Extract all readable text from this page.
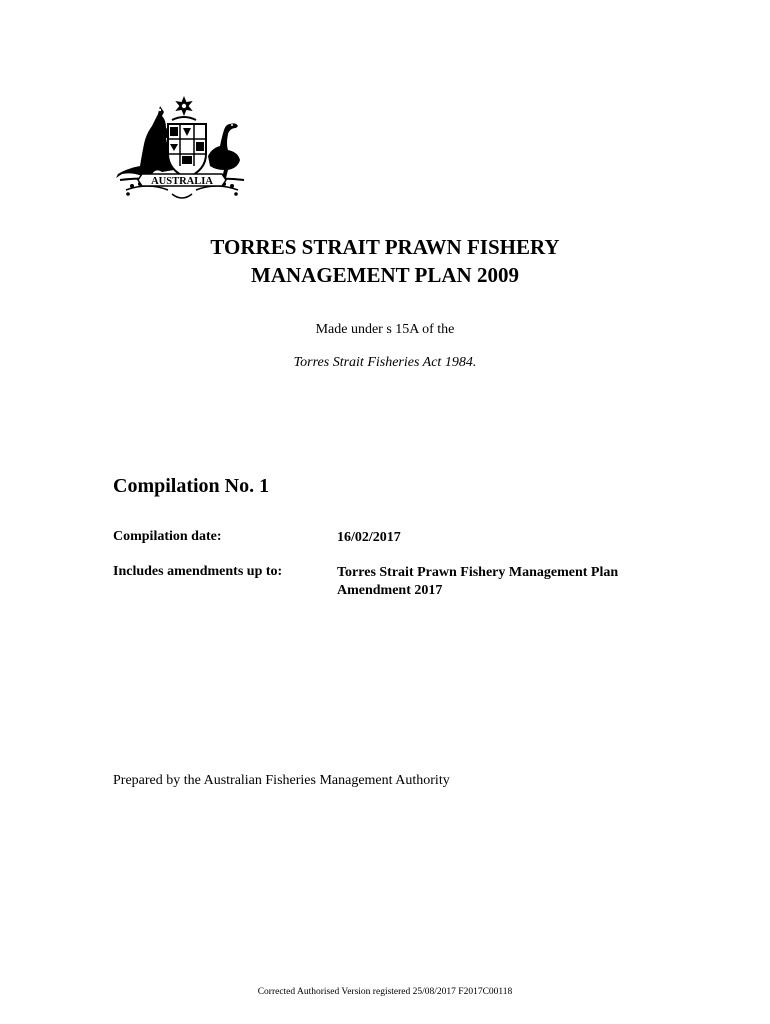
AUSTRALIA
TORRES STRAIT PRAWN FISHERY
MANAGEMENT PLAN 2009
Made under s 15A of the
Torres Strait Fisheries Act 1984.
Compilation No. 1
Compilation date:	16/02/2017
Includes amendments up to:	Torres Strait Prawn Fishery Management Plan
Amendment 2017
Prepared by the Australian Fisheries Management Authority
Corrected Authorised Version registered 25/08/2017 F2017C00118
